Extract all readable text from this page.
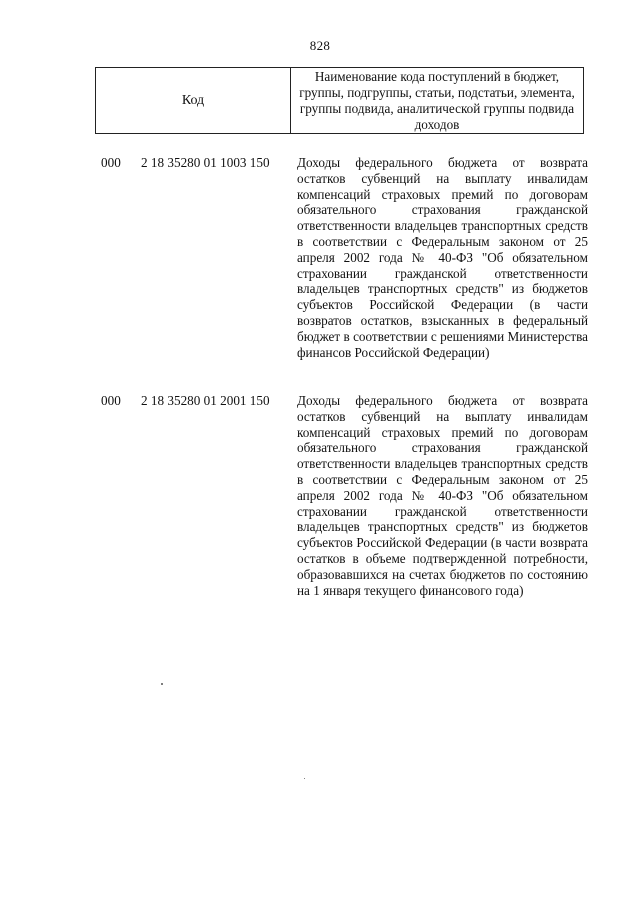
828
Код
Наименование кода поступлений в бюджет, группы, подгруппы, статьи, подстатьи, элемента, группы подвида, аналитической группы подвида доходов
000 2 18 35280 01 1003 150 Доходы федерального бюджета от возврата остатков субвенций на выплату инвалидам компенсаций страховых премий по договорам обязательного страхования гражданской ответственности владельцев транспортных средств в соответствии с Федеральным законом от 25 апреля 2002 года № 40-ФЗ "Об обязательном страховании гражданской ответственности владельцев транспортных средств" из бюджетов субъектов Российской Федерации (в части возвратов остатков, взысканных в федеральный бюджет в соответствии с решениями Министерства финансов Российской Федерации)
000 2 18 35280 01 2001 150 Доходы федерального бюджета от возврата остатков субвенций на выплату инвалидам компенсаций страховых премий по договорам обязательного страхования гражданской ответственности владельцев транспортных средств в соответствии с Федеральным законом от 25 апреля 2002 года № 40-ФЗ "Об обязательном страховании гражданской ответственности владельцев транспортных средств" из бюджетов субъектов Российской Федерации (в части возврата остатков в объеме подтвержденной потребности, образовавшихся на счетах бюджетов по состоянию на 1 января текущего финансового года)
